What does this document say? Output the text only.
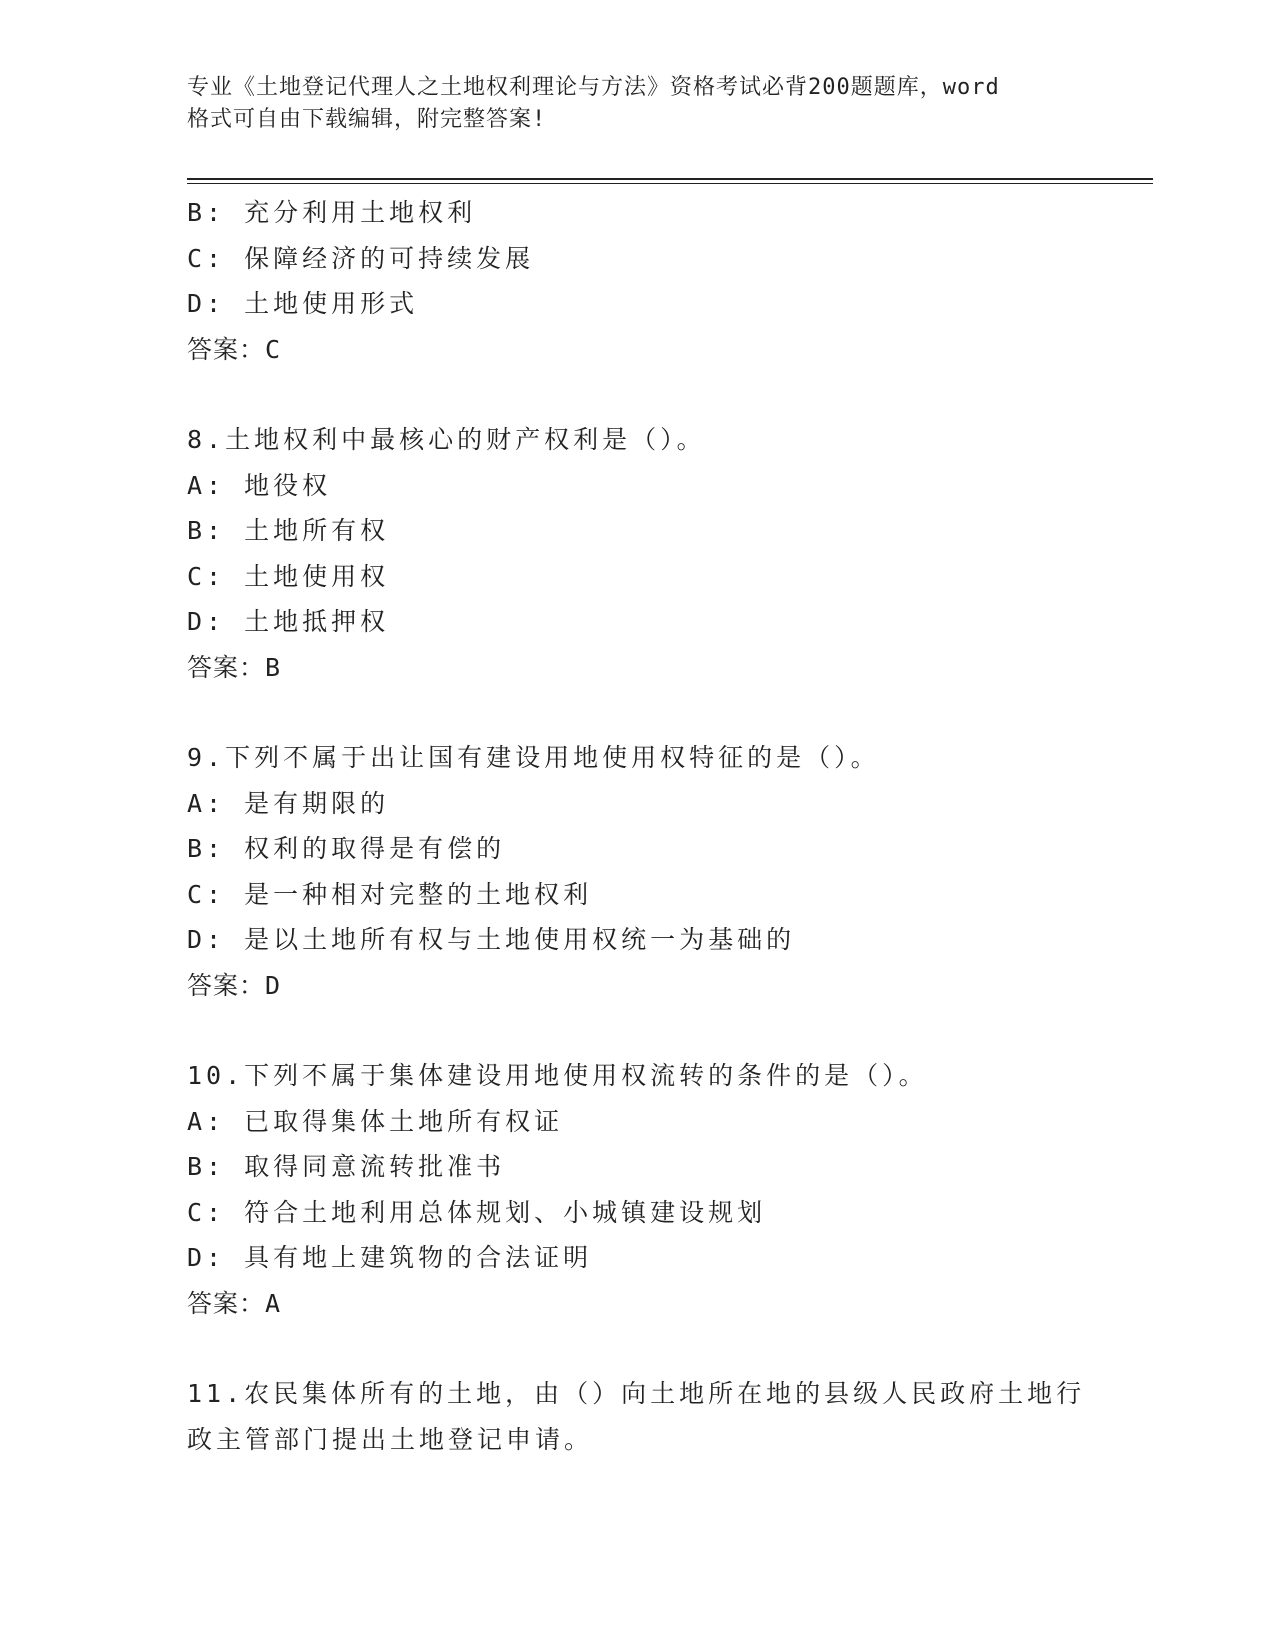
专业《土地登记代理人之土地权利理论与方法》资格考试必背200题题库，word
格式可自由下载编辑，附完整答案!
B: 充分利用土地权利
C: 保障经济的可持续发展
D: 土地使用形式
答案：C
8.土地权利中最核心的财产权利是（）。
A: 地役权
B: 土地所有权
C: 土地使用权
D: 土地抵押权
答案：B
9.下列不属于出让国有建设用地使用权特征的是（）。
A: 是有期限的
B: 权利的取得是有偿的
C: 是一种相对完整的土地权利
D: 是以土地所有权与土地使用权统一为基础的
答案：D
10.下列不属于集体建设用地使用权流转的条件的是（）。
A: 已取得集体土地所有权证
B: 取得同意流转批准书
C: 符合土地利用总体规划、小城镇建设规划
D: 具有地上建筑物的合法证明
答案：A
11.农民集体所有的土地，由（）向土地所在地的县级人民政府土地行
政主管部门提出土地登记申请。
